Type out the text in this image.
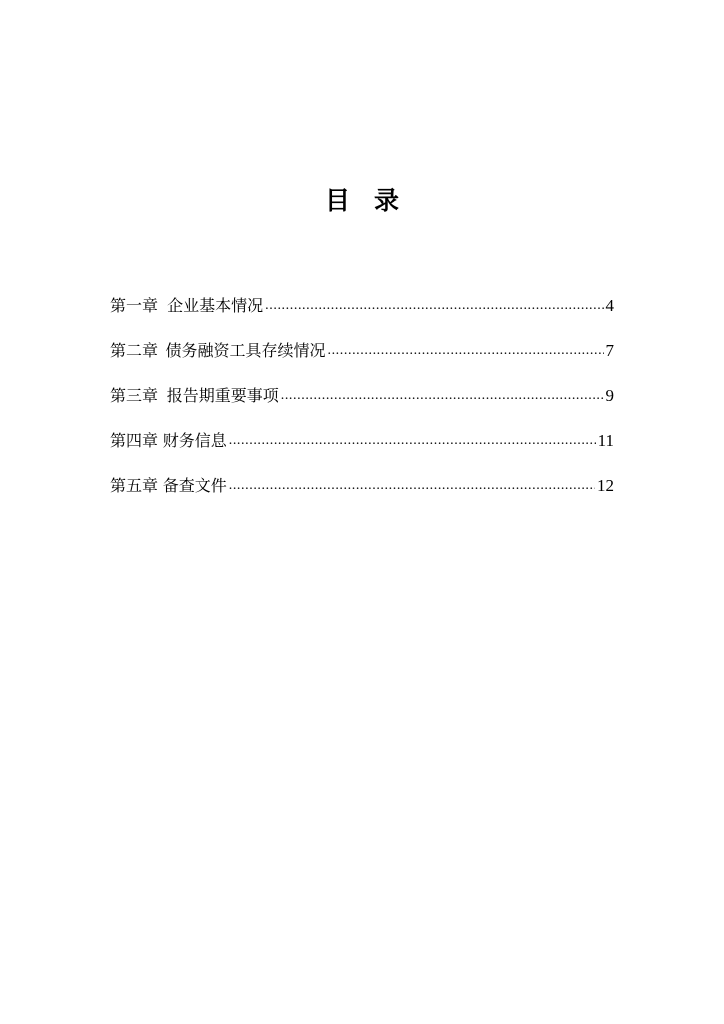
目录
第一章 企业基本情况 .....	4
第二章 债务融资工具存续情况 .....	7
第三章 报告期重要事项 .....	9
第四章 财务信息 .....	11
第五章 备查文件 .....	12
